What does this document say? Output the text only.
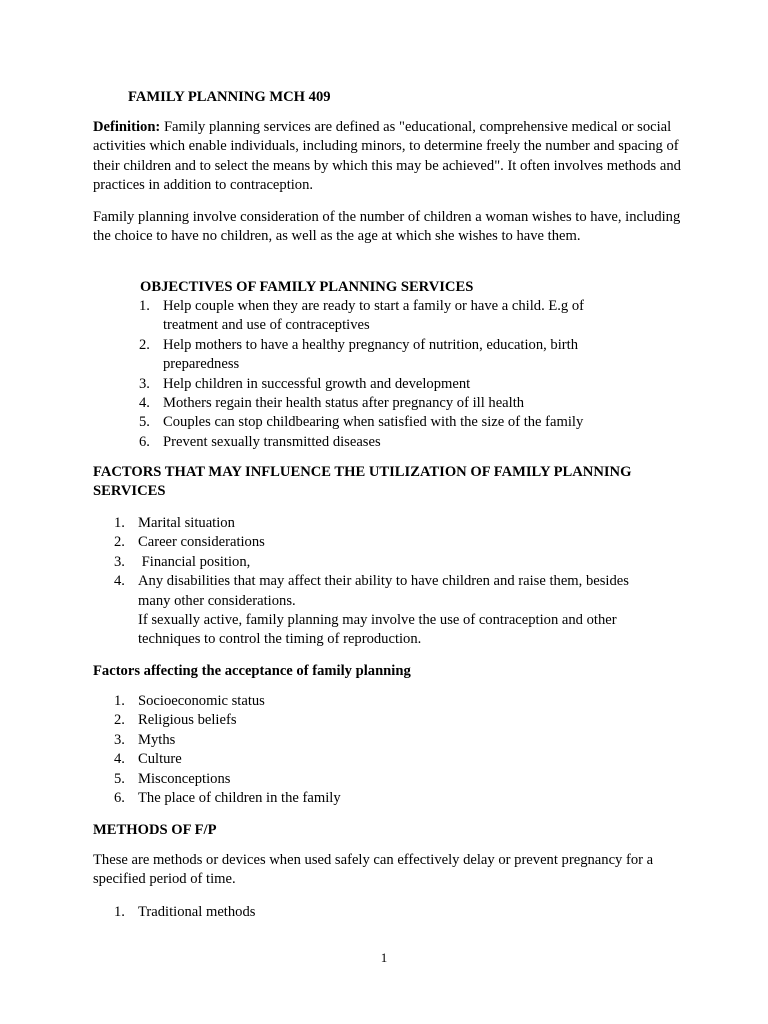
FAMILY PLANNING MCH 409

Definition: Family planning services are defined as "educational, comprehensive medical or social activities which enable individuals, including minors, to determine freely the number and spacing of their children and to select the means by which this may be achieved". It often involves methods and practices in addition to contraception.

Family planning involve consideration of the number of children a woman wishes to have, including the choice to have no children, as well as the age at which she wishes to have them.

OBJECTIVES OF FAMILY PLANNING SERVICES
1. Help couple when they are ready to start a family or have a child. E.g of treatment and use of contraceptives
2. Help mothers to have a healthy pregnancy of nutrition, education, birth preparedness
3. Help children in successful growth and development
4. Mothers regain their health status after pregnancy of ill health
5. Couples can stop childbearing when satisfied with the size of the family
6. Prevent sexually transmitted diseases
FACTORS THAT MAY INFLUENCE THE UTILIZATION OF FAMILY PLANNING SERVICES
1. Marital situation
2. Career considerations
3. Financial position,
4. Any disabilities that may affect their ability to have children and raise them, besides many other considerations.
If sexually active, family planning may involve the use of contraception and other techniques to control the timing of reproduction.
Factors affecting the acceptance of family planning
1. Socioeconomic status
2. Religious beliefs
3. Myths
4. Culture
5. Misconceptions
6. The place of children in the family
METHODS OF F/P

These are methods or devices when used safely can effectively delay or prevent pregnancy for a specified period of time.

1. Traditional methods
1
